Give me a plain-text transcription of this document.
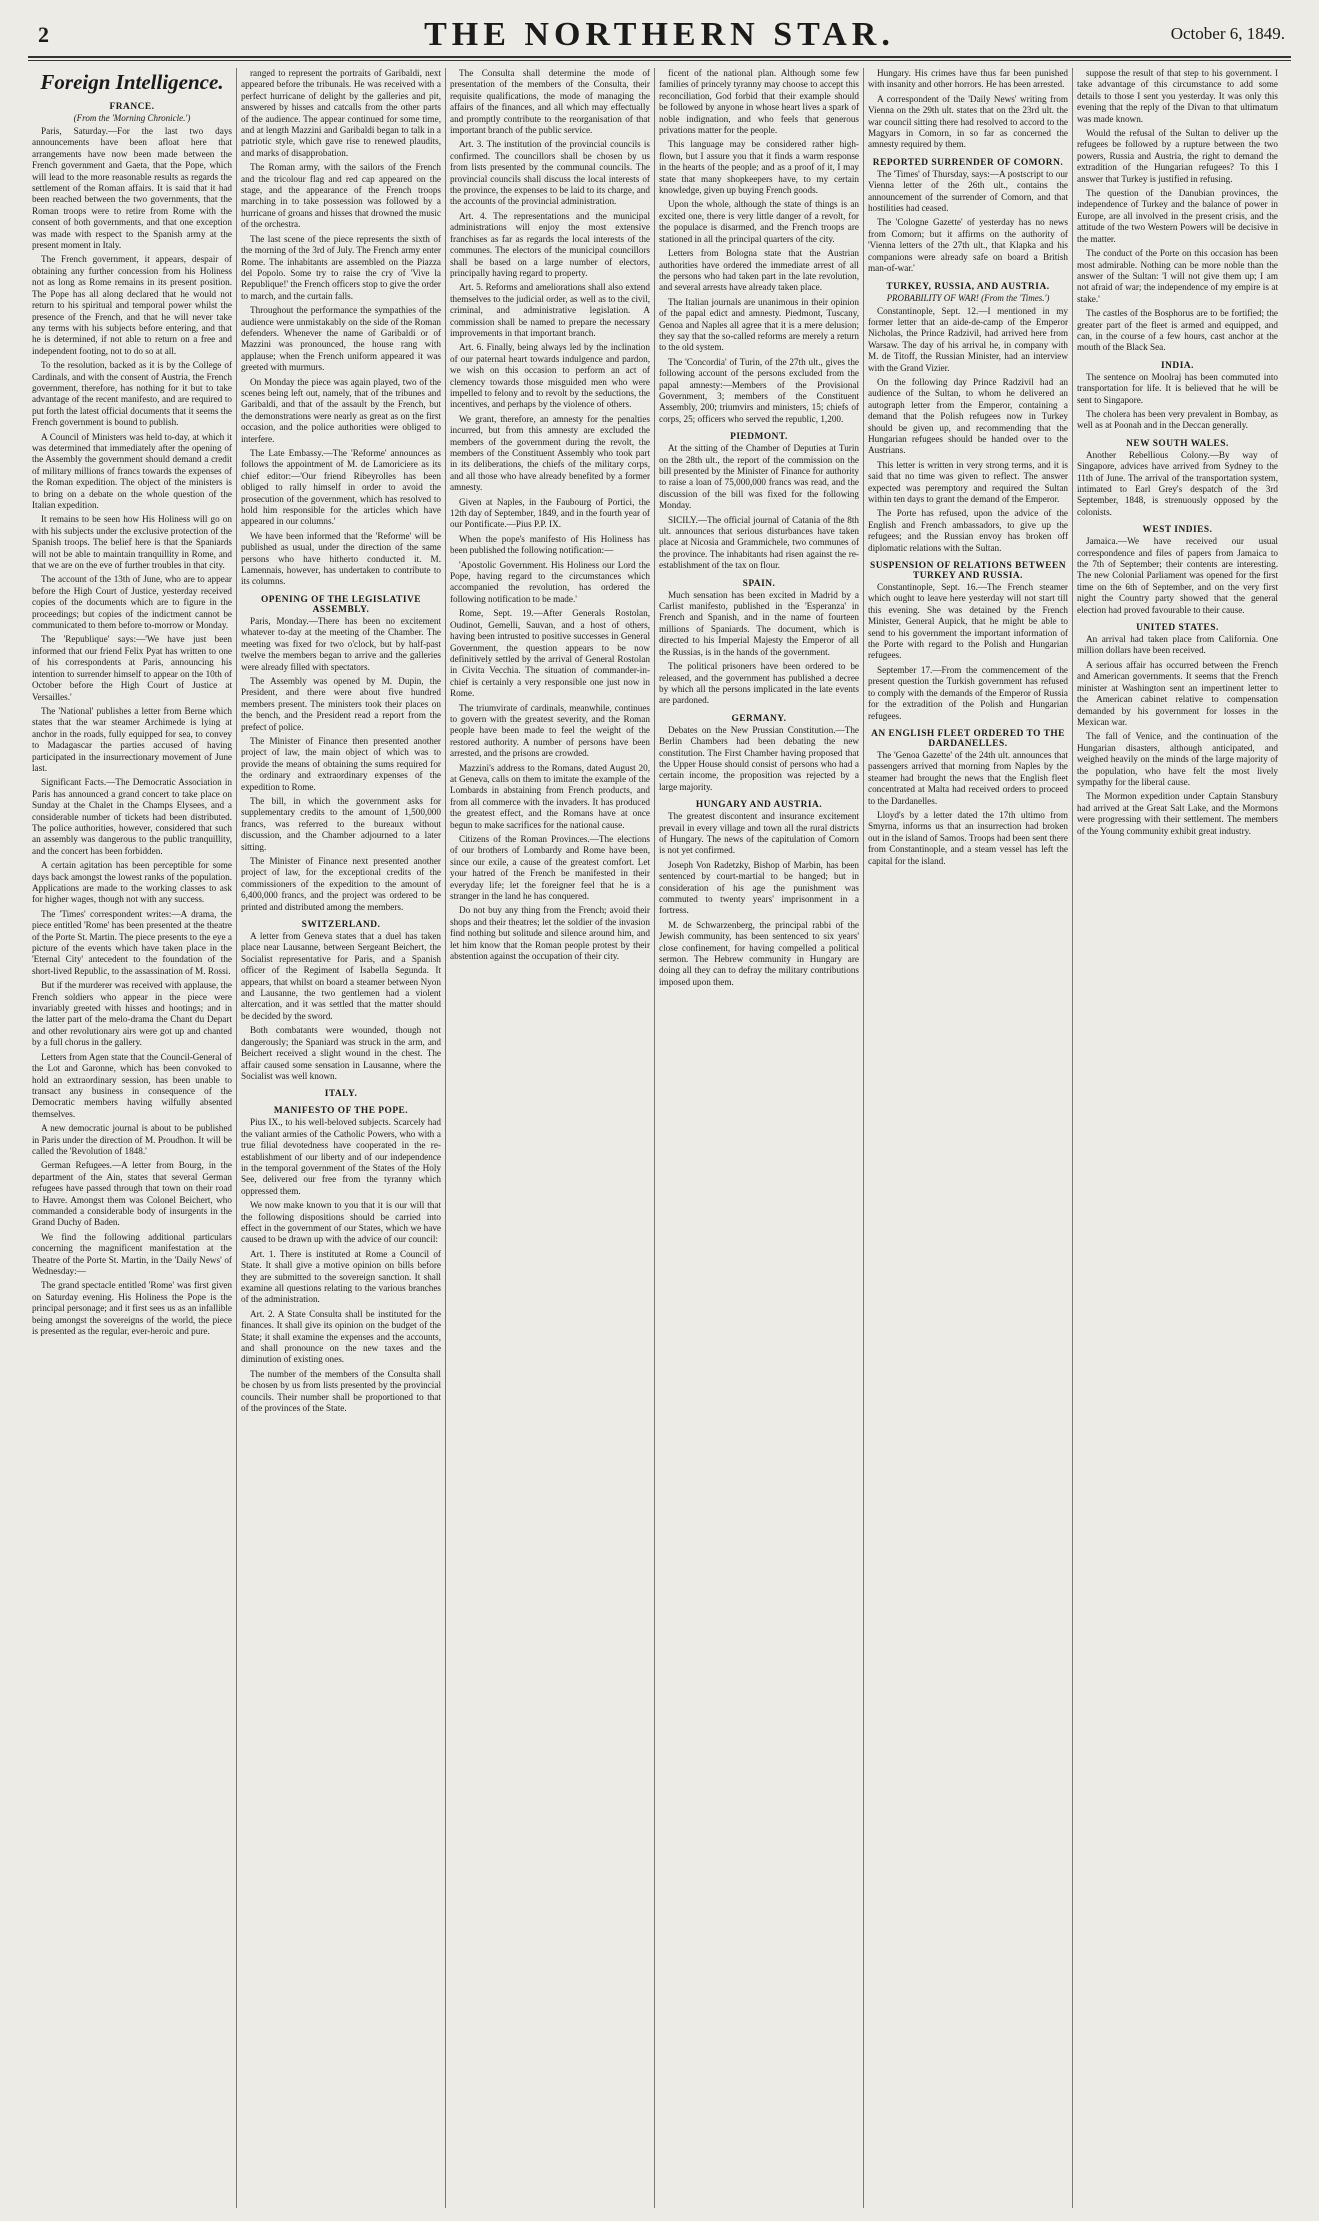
2	THE NORTHERN STAR.	October 6, 1849.
Foreign Intelligence.
FRANCE.
(From the 'Morning Chronicle.')

Paris, Saturday.—For the last two days announcements have been afloat here that arrangements have now been made between the French government and Gaeta, that the Pope, which will lead to the more reasonable results as regards the settlement of the Roman affairs. It is said that it had been reached between the two governments, that the Roman troops were to retire from Rome with the consent of both governments, and that one exception was made with respect to the Spanish army at the present moment in Italy.

The French government, it appears, despair of obtaining any further concession from his Holiness not as long as Rome remains in its present position. The Pope has all along declared that he would not return to his spiritual and temporal power whilst the presence of the French, and that he will never take any terms with his subjects before entering, and that he is determined, if not able to return on a free and independent footing, not to do so at all.

To the resolution, backed as it is by the College of Cardinals, and with the consent of Austria, the French government, therefore, has nothing for it but to take advantage of the recent manifesto, and are required to put forth the latest official documents that it seems the French government is bound to publish.

A Council of Ministers was held to-day, at which it was determined that immediately after the opening of the Assembly the government should demand a credit of military millions of francs towards the expenses of the Roman expedition. The object of the ministers is to bring on a debate on the whole question of the Italian expedition.

It remains to be seen how His Holiness will go on with his subjects under the exclusive protection of the Spanish troops. The belief here is that the Spaniards will not be able to maintain tranquillity in Rome, and that we are on the eve of further troubles in that city.

The account of the 13th of June, who are to appear before the High Court of Justice, yesterday received copies of the documents which are to figure in the proceedings; but copies of the indictment cannot be communicated to them before to-morrow or Monday.

The 'Republique' says:—'We have just been informed that our friend Felix Pyat has written to one of his correspondents at Paris, announcing his intention to surrender himself to appear on the 10th of October before the High Court of Justice at Versailles.'

The 'National' publishes a letter from Berne which states that the war steamer Archimede is lying at anchor in the roads, fully equipped for sea, to convey to Madagascar the parties accused of having participated in the insurrectionary movement of June last.

Significant Facts.—The Democratic Association in Paris has announced a grand concert to take place on Sunday at the Chalet in the Champs Elysees, and a considerable number of tickets had been distributed. The police authorities, however, considered that such an assembly was dangerous to the public tranquillity, and the concert has been forbidden.

A certain agitation has been perceptible for some days back amongst the lowest ranks of the population. Applications are made to the working classes to ask for higher wages, though not with any success.

The 'Times' correspondent writes:—A drama, the piece entitled 'Rome' has been presented at the theatre of the Porte St. Martin. The piece presents to the eye a picture of the events which have taken place in the 'Eternal City' antecedent to the foundation of the short-lived Republic, to the assassination of M. Rossi.

But if the murderer was received with applause, the French soldiers who appear in the piece were invariably greeted with hisses and hootings; and in the latter part of the melo-drama the Chant du Depart and other revolutionary airs were got up and chanted by a full chorus in the gallery.

Letters from Agen state that the Council-General of the Lot and Garonne, which has been convoked to hold an extraordinary session, has been unable to transact any business in consequence of the Democratic members having wilfully absented themselves.

A new democratic journal is about to be published in Paris under the direction of M. Proudhon. It will be called the 'Revolution of 1848.'

German Refugees.—A letter from Bourg, in the department of the Ain, states that several German refugees have passed through that town on their road to Havre. Amongst them was Colonel Beichert, who commanded a considerable body of insurgents in the Grand Duchy of Baden.

We find the following additional particulars concerning the magnificent manifestation at the Theatre of the Porte St. Martin, in the 'Daily News' of Wednesday:—

The grand spectacle entitled 'Rome' was first given on Saturday evening. His Holiness the Pope is the principal personage; and it first sees us as an infallible being amongst the sovereigns of the world, the piece is presented as the regular, ever-heroic and pure.

ranged to represent the portraits of Garibaldi, next appeared before the tribunals. He was received with a perfect hurricane of delight by the galleries and pit, answered by hisses and catcalls from the other parts of the audience. The appear continued for some time, and at length Mazzini and Garibaldi began to talk in a patriotic style, which gave rise to renewed plaudits, and marks of disapprobation.

The Roman army, with the sailors of the French and the tricolour flag and red cap appeared on the stage, and the appearance of the French troops marching in to take possession was followed by a hurricane of groans and hisses that drowned the music of the orchestra.

The last scene of the piece represents the sixth of the morning of the 3rd of July. The French army enter Rome. The inhabitants are assembled on the Piazza del Popolo. Some try to raise the cry of 'Vive la Republique!' the French officers stop to give the order to march, and the curtain falls.

Throughout the performance the sympathies of the audience were unmistakably on the side of the Roman defenders. Whenever the name of Garibaldi or of Mazzini was pronounced, the house rang with applause; when the French uniform appeared it was greeted with murmurs.

On Monday the piece was again played, two of the scenes being left out, namely, that of the tribunes and Garibaldi, and that of the assault by the French, but the demonstrations were nearly as great as on the first occasion, and the police authorities were obliged to interfere.

The Late Embassy.—The 'Reforme' announces as follows the appointment of M. de Lamoriciere as its chief editor:—'Our friend Ribeyrolles has been obliged to rally himself in order to avoid the prosecution of the government, which has resolved to hold him responsible for the articles which have appeared in our columns.'

We have been informed that the 'Reforme' will be published as usual, under the direction of the same persons who have hitherto conducted it. M. Lamennais, however, has undertaken to contribute to its columns.

OPENING OF THE LEGISLATIVE ASSEMBLY.

Paris, Monday.—There has been no excitement whatever to-day at the meeting of the Chamber. The meeting was fixed for two o'clock, but by half-past twelve the members began to arrive and the galleries were already filled with spectators.

The Assembly was opened by M. Dupin, the President, and there were about five hundred members present. The ministers took their places on the bench, and the President read a report from the prefect of police.

The Minister of Finance then presented another project of law, the main object of which was to provide the means of obtaining the sums required for the ordinary and extraordinary expenses of the expedition to Rome.

The bill, in which the government asks for supplementary credits to the amount of 1,500,000 francs, was referred to the bureaux without discussion, and the Chamber adjourned to a later sitting.

The Minister of Finance next presented another project of law, for the exceptional credits of the commissioners of the expedition to the amount of 6,400,000 francs, and the project was ordered to be printed and distributed among the members.

SWITZERLAND.

A letter from Geneva states that a duel has taken place near Lausanne, between Sergeant Beichert, the Socialist representative for Paris, and a Spanish officer of the Regiment of Isabella Segunda. It appears, that whilst on board a steamer between Nyon and Lausanne, the two gentlemen had a violent altercation, and it was settled that the matter should be decided by the sword.

Both combatants were wounded, though not dangerously; the Spaniard was struck in the arm, and Beichert received a slight wound in the chest. The affair caused some sensation in Lausanne, where the Socialist was well known.

ITALY.
MANIFESTO OF THE POPE.

Pius IX., to his well-beloved subjects. Scarcely had the valiant armies of the Catholic Powers, who with a true filial devotedness have cooperated in the re-establishment of our liberty and of our independence in the temporal government of the States of the Holy See, delivered our free from the tyranny which oppressed them.

We now make known to you that it is our will that the following dispositions should be carried into effect in the government of our States, which we have caused to be drawn up with the advice of our council:

Art. 1. There is instituted at Rome a Council of State. It shall give a motive opinion on bills before they are submitted to the sovereign sanction. It shall examine all questions relating to the various branches of the administration.

Art. 2. A State Consulta shall be instituted for the finances. It shall give its opinion on the budget of the State; it shall examine the expenses and the accounts, and shall pronounce on the new taxes and the diminution of existing ones.

The number of the members of the Consulta shall be chosen by us from lists presented by the provincial councils. Their number shall be proportioned to that of the provinces of the State.

The Consulta shall determine the mode of presentation of the members of the Consulta, their requisite qualifications, the mode of managing the affairs of the finances, and all which may effectually and promptly contribute to the reorganisation of that important branch of the public service.

Art. 3. The institution of the provincial councils is confirmed. The councillors shall be chosen by us from lists presented by the communal councils. The provincial councils shall discuss the local interests of the province, the expenses to be laid to its charge, and the accounts of the provincial administration.

Art. 4. The representations and the municipal administrations will enjoy the most extensive franchises as far as regards the local interests of the communes. The electors of the municipal councillors shall be based on a large number of electors, principally having regard to property.

Art. 5. Reforms and ameliorations shall also extend themselves to the judicial order, as well as to the civil, criminal, and administrative legislation. A commission shall be named to prepare the necessary improvements in that important branch.

Art. 6. Finally, being always led by the inclination of our paternal heart towards indulgence and pardon, we wish on this occasion to perform an act of clemency towards those misguided men who were impelled to felony and to revolt by the seductions, the incentives, and perhaps by the violence of others.

We grant, therefore, an amnesty for the penalties incurred, but from this amnesty are excluded the members of the government during the revolt, the members of the Constituent Assembly who took part in its deliberations, the chiefs of the military corps, and all those who have already benefited by a former amnesty.

Given at Naples, in the Faubourg of Portici, the 12th day of September, 1849, and in the fourth year of our Pontificate.—Pius P.P. IX.

When the pope's manifesto of His Holiness has been published the following notification:—

'Apostolic Government. His Holiness our Lord the Pope, having regard to the circumstances which accompanied the revolution, has ordered the following notification to be made.'

Rome, Sept. 19.—After Generals Rostolan, Oudinot, Gemelli, Sauvan, and a host of others, having been intrusted to positive successes in General Government, the question appears to be now definitively settled by the arrival of General Rostolan in Civita Vecchia. The situation of commander-in-chief is certainly a very responsible one just now in Rome.

The triumvirate of cardinals, meanwhile, continues to govern with the greatest severity, and the Roman people have been made to feel the weight of the restored authority. A number of persons have been arrested, and the prisons are crowded.

Mazzini's address to the Romans, dated August 20, at Geneva, calls on them to imitate the example of the Lombards in abstaining from French products, and from all commerce with the invaders. It has produced the greatest effect, and the Romans have at once begun to make sacrifices for the national cause.

Citizens of the Roman Provinces.—The elections of our brothers of Lombardy and Rome have been, since our exile, a cause of the greatest comfort. Let your hatred of the French be manifested in their everyday life; let the foreigner feel that he is a stranger in the land he has conquered.

Do not buy any thing from the French; avoid their shops and their theatres; let the soldier of the invasion find nothing but solitude and silence around him, and let him know that the Roman people protest by their abstention against the occupation of their city.

ficent of the national plan. Although some few families of princely tyranny may choose to accept this reconciliation, God forbid that their example should be followed by anyone in whose heart lives a spark of noble indignation, and who feels that generous privations matter for the people.

This language may be considered rather high-flown, but I assure you that it finds a warm response in the hearts of the people; and as a proof of it, I may state that many shopkeepers have, to my certain knowledge, given up buying French goods.

Upon the whole, although the state of things is an excited one, there is very little danger of a revolt, for the populace is disarmed, and the French troops are stationed in all the principal quarters of the city.

Letters from Bologna state that the Austrian authorities have ordered the immediate arrest of all the persons who had taken part in the late revolution, and several arrests have already taken place.

The Italian journals are unanimous in their opinion of the papal edict and amnesty. Piedmont, Tuscany, Genoa and Naples all agree that it is a mere delusion; they say that the so-called reforms are merely a return to the old system.

The 'Concordia' of Turin, of the 27th ult., gives the following account of the persons excluded from the papal amnesty:—Members of the Provisional Government, 3; members of the Constituent Assembly, 200; triumvirs and ministers, 15; chiefs of corps, 25; officers who served the republic, 1,200.

PIEDMONT.

At the sitting of the Chamber of Deputies at Turin on the 28th ult., the report of the commission on the bill presented by the Minister of Finance for authority to raise a loan of 75,000,000 francs was read, and the discussion of the bill was fixed for the following Monday.

SICILY.—The official journal of Catania of the 8th ult. announces that serious disturbances have taken place at Nicosia and Grammichele, two communes of the province. The inhabitants had risen against the re-establishment of the tax on flour.

SPAIN.

Much sensation has been excited in Madrid by a Carlist manifesto, published in the 'Esperanza' in French and Spanish, and in the name of fourteen millions of Spaniards. The document, which is directed to his Imperial Majesty the Emperor of all the Russias, is in the hands of the government.

The political prisoners have been ordered to be released, and the government has published a decree by which all the persons implicated in the late events are pardoned.

GERMANY.

Debates on the New Prussian Constitution.—The Berlin Chambers had been debating the new constitution. The First Chamber having proposed that the Upper House should consist of persons who had a certain income, the proposition was rejected by a large majority.

HUNGARY AND AUSTRIA.

The greatest discontent and insurance excitement prevail in every village and town all the rural districts of Hungary. The news of the capitulation of Comorn is not yet confirmed.

Joseph Von Radetzky, Bishop of Marbin, has been sentenced by court-martial to be hanged; but in consideration of his age the punishment was commuted to twenty years' imprisonment in a fortress.

M. de Schwarzenberg, the principal rabbi of the Jewish community, has been sentenced to six years' close confinement, for having compelled a political sermon. The Hebrew community in Hungary are doing all they can to defray the military contributions imposed upon them.

Hungary. His crimes have thus far been punished with insanity and other horrors. He has been arrested.

A correspondent of the 'Daily News' writing from Vienna on the 29th ult. states that on the 23rd ult. the war council sitting there had resolved to accord to the Magyars in Comorn, in so far as concerned the amnesty required by them.

REPORTED SURRENDER OF COMORN.

The 'Times' of Thursday, says:—A postscript to our Vienna letter of the 26th ult., contains the announcement of the surrender of Comorn, and that hostilities had ceased.

The 'Cologne Gazette' of yesterday has no news from Comorn; but it affirms on the authority of 'Vienna letters of the 27th ult., that Klapka and his companions were already safe on board a British man-of-war.'

TURKEY, RUSSIA, AND AUSTRIA.
PROBABILITY OF WAR! (From the 'Times.')

Constantinople, Sept. 12.—I mentioned in my former letter that an aide-de-camp of the Emperor Nicholas, the Prince Radzivil, had arrived here from Warsaw. The day of his arrival he, in company with M. de Titoff, the Russian Minister, had an interview with the Grand Vizier.

On the following day Prince Radzivil had an audience of the Sultan, to whom he delivered an autograph letter from the Emperor, containing a demand that the Polish refugees now in Turkey should be given up, and recommending that the Hungarian refugees should be handed over to the Austrians.

This letter is written in very strong terms, and it is said that no time was given to reflect. The answer expected was peremptory and required the Sultan within ten days to grant the demand of the Emperor.

The Porte has refused, upon the advice of the English and French ambassadors, to give up the refugees; and the Russian envoy has broken off diplomatic relations with the Sultan.

SUSPENSION OF RELATIONS BETWEEN TURKEY AND RUSSIA.

Constantinople, Sept. 16.—The French steamer which ought to leave here yesterday will not start till this evening. She was detained by the French Minister, General Aupick, that he might be able to send to his government the important information of the Porte with regard to the Polish and Hungarian refugees.

September 17.—From the commencement of the present question the Turkish government has refused to comply with the demands of the Emperor of Russia for the extradition of the Polish and Hungarian refugees.

AN ENGLISH FLEET ORDERED TO THE DARDANELLES.

The 'Genoa Gazette' of the 24th ult. announces that passengers arrived that morning from Naples by the steamer had brought the news that the English fleet concentrated at Malta had received orders to proceed to the Dardanelles.

Lloyd's by a letter dated the 17th ultimo from Smyrna, informs us that an insurrection had broken out in the island of Samos. Troops had been sent there from Constantinople, and a steam vessel has left the capital for the island.

suppose the result of that step to his government. I take advantage of this circumstance to add some details to those I sent you yesterday. It was only this evening that the reply of the Divan to that ultimatum was made known.

Would the refusal of the Sultan to deliver up the refugees be followed by a rupture between the two powers, Russia and Austria, the right to demand the extradition of the Hungarian refugees? To this I answer that Turkey is justified in refusing.

The question of the Danubian provinces, the independence of Turkey and the balance of power in Europe, are all involved in the present crisis, and the attitude of the two Western Powers will be decisive in the matter.

The conduct of the Porte on this occasion has been most admirable. Nothing can be more noble than the answer of the Sultan: 'I will not give them up; I am not afraid of war; the independence of my empire is at stake.'

The castles of the Bosphorus are to be fortified; the greater part of the fleet is armed and equipped, and can, in the course of a few hours, cast anchor at the mouth of the Black Sea.

INDIA.

The sentence on Moolraj has been commuted into transportation for life. It is believed that he will be sent to Singapore.

The cholera has been very prevalent in Bombay, as well as at Poonah and in the Deccan generally.

NEW SOUTH WALES.

Another Rebellious Colony.—By way of Singapore, advices have arrived from Sydney to the 11th of June. The arrival of the transportation system, intimated to Earl Grey's despatch of the 3rd September, 1848, is strenuously opposed by the colonists.

WEST INDIES.

Jamaica.—We have received our usual correspondence and files of papers from Jamaica to the 7th of September; their contents are interesting. The new Colonial Parliament was opened for the first time on the 6th of September, and on the very first night the Country party showed that the general election had proved favourable to their cause.

UNITED STATES.

An arrival had taken place from California. One million dollars have been received.

A serious affair has occurred between the French and American governments. It seems that the French minister at Washington sent an impertinent letter to the American cabinet relative to compensation demanded by his government for losses in the Mexican war.

The fall of Venice, and the continuation of the Hungarian disasters, although anticipated, and weighed heavily on the minds of the large majority of the population, who have felt the most lively sympathy for the liberal cause.

The Mormon expedition under Captain Stansbury had arrived at the Great Salt Lake, and the Mormons were progressing with their settlement. The members of the Young community exhibit great industry.
